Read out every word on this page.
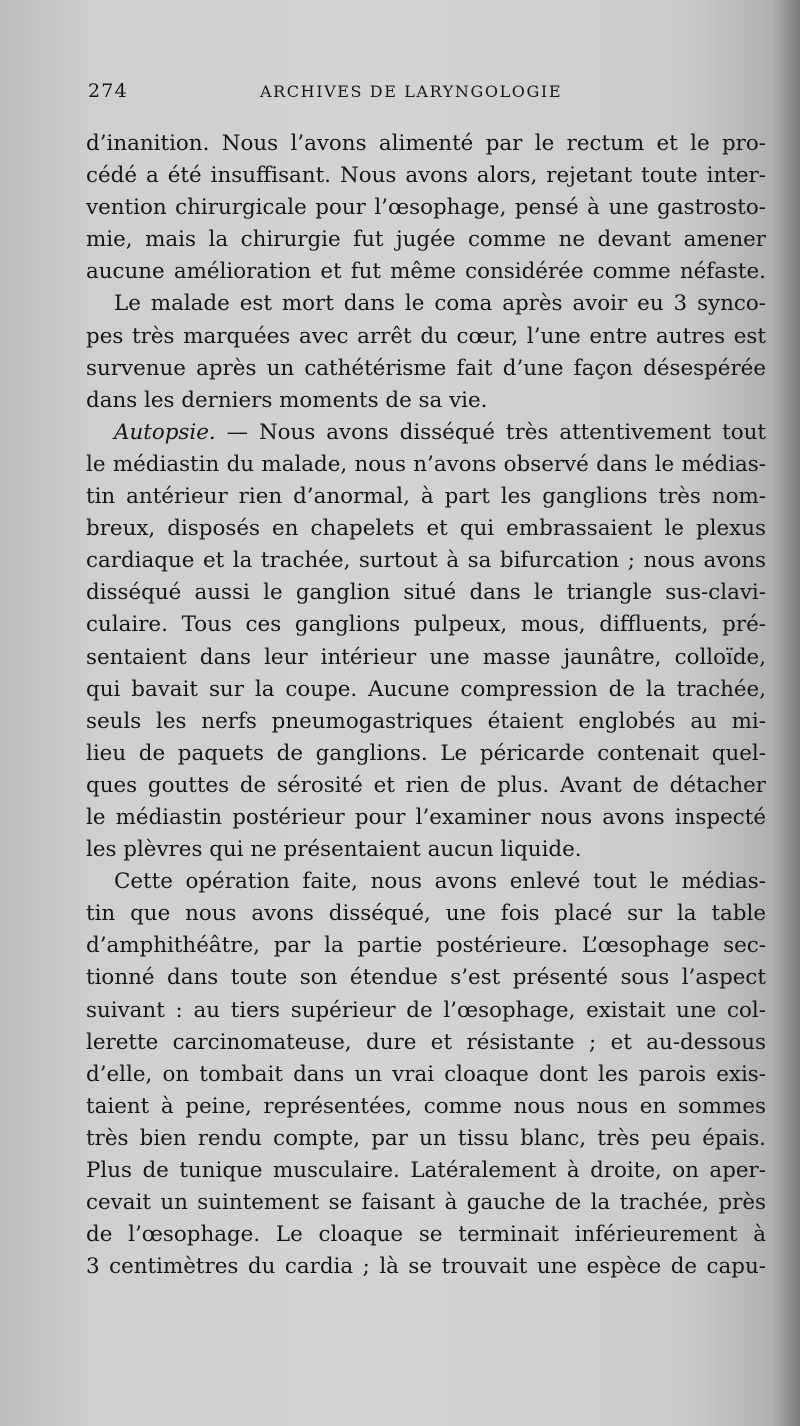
274	ARCHIVES DE LARYNGOLOGIE
d’inanition. Nous l’avons alimenté par le rectum et le pro-
cédé a été insuffisant. Nous avons alors, rejetant toute inter-
vention chirurgicale pour l’œsophage, pensé à une gastrosto-
mie, mais la chirurgie fut jugée comme ne devant amener
aucune amélioration et fut même considérée comme néfaste.
Le malade est mort dans le coma après avoir eu 3 synco-
pes très marquées avec arrêt du cœur, l’une entre autres est
survenue après un cathétérisme fait d’une façon désespérée
dans les derniers moments de sa vie.
Autopsie. — Nous avons disséqué très attentivement tout
le médiastin du malade, nous n’avons observé dans le médias-
tin antérieur rien d’anormal, à part les ganglions très nom-
breux, disposés en chapelets et qui embrassaient le plexus
cardiaque et la trachée, surtout à sa bifurcation ; nous avons
disséqué aussi le ganglion situé dans le triangle sus-clavi-
culaire. Tous ces ganglions pulpeux, mous, diffluents, pré-
sentaient dans leur intérieur une masse jaunâtre, colloïde,
qui bavait sur la coupe. Aucune compression de la trachée,
seuls les nerfs pneumogastriques étaient englobés au mi-
lieu de paquets de ganglions. Le péricarde contenait quel-
ques gouttes de sérosité et rien de plus. Avant de détacher
le médiastin postérieur pour l’examiner nous avons inspecté
les plèvres qui ne présentaient aucun liquide.
Cette opération faite, nous avons enlevé tout le médias-
tin que nous avons disséqué, une fois placé sur la table
d’amphithéâtre, par la partie postérieure. L’œsophage sec-
tionné dans toute son étendue s’est présenté sous l’aspect
suivant : au tiers supérieur de l’œsophage, existait une col-
lerette carcinomateuse, dure et résistante ; et au-dessous
d’elle, on tombait dans un vrai cloaque dont les parois exis-
taient à peine, représentées, comme nous nous en sommes
très bien rendu compte, par un tissu blanc, très peu épais.
Plus de tunique musculaire. Latéralement à droite, on aper-
cevait un suintement se faisant à gauche de la trachée, près
de l’œsophage. Le cloaque se terminait inférieurement à
3 centimètres du cardia ; là se trouvait une espèce de capu-
